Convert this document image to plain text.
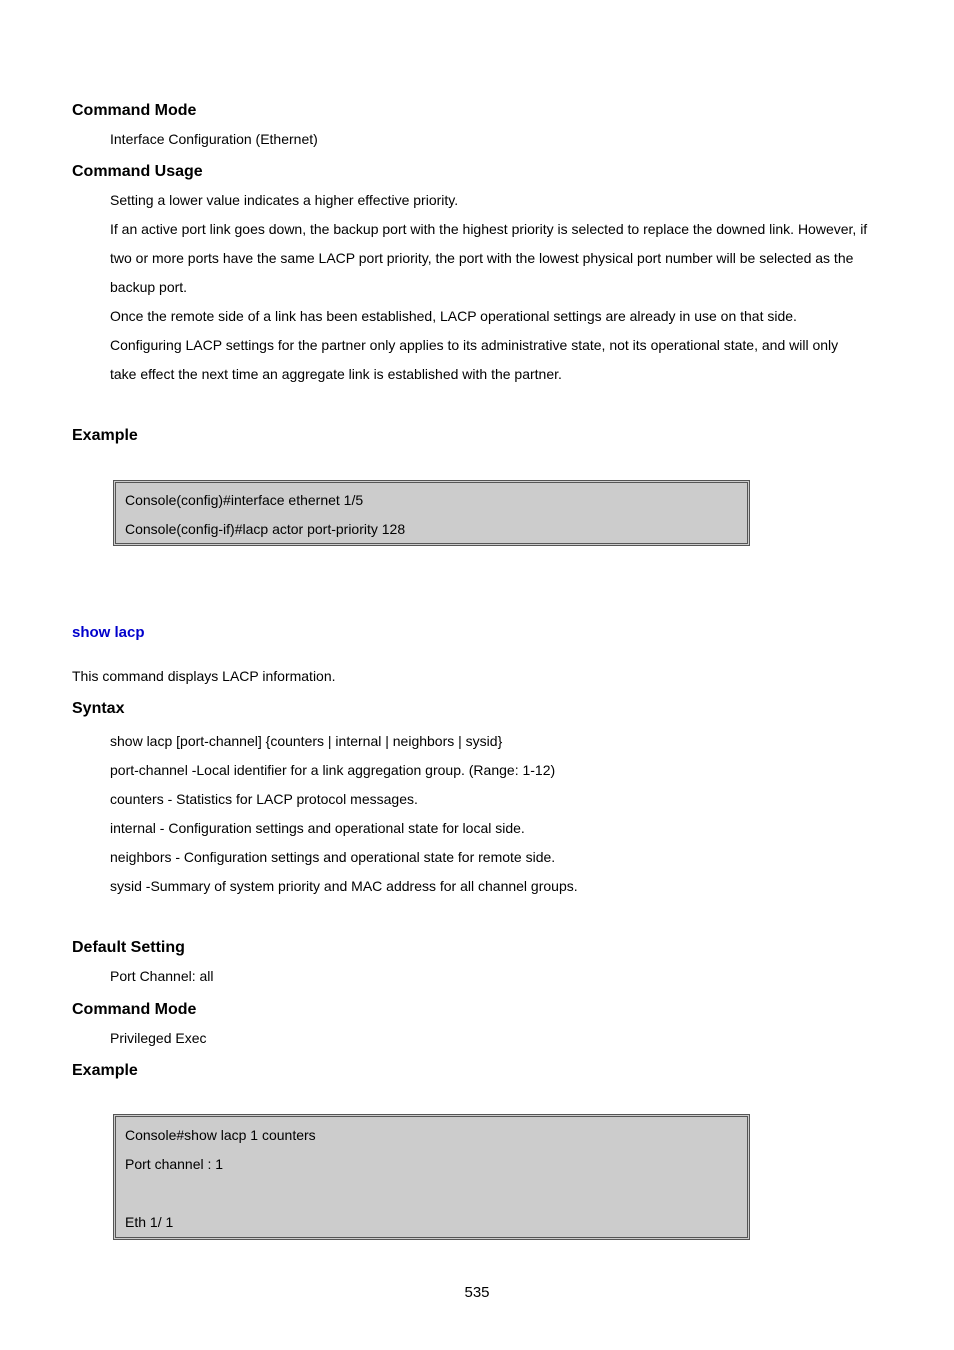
Command Mode
Interface Configuration (Ethernet)
Command Usage
Setting a lower value indicates a higher effective priority.
If an active port link goes down, the backup port with the highest priority is selected to replace the downed link. However, if
two or more ports have the same LACP port priority, the port with the lowest physical port number will be selected as the
backup port.
Once the remote side of a link has been established, LACP operational settings are already in use on that side.
Configuring LACP settings for the partner only applies to its administrative state, not its operational state, and will only
take effect the next time an aggregate link is established with the partner.
Example
Console(config)#interface ethernet 1/5
Console(config-if)#lacp actor port-priority 128
show lacp
This command displays LACP information.
Syntax
show lacp [port-channel] {counters | internal | neighbors | sysid}
port-channel -Local identifier for a link aggregation group. (Range: 1-12)
counters - Statistics for LACP protocol messages.
internal - Configuration settings and operational state for local side.
neighbors - Configuration settings and operational state for remote side.
sysid -Summary of system priority and MAC address for all channel groups.
Default Setting
Port Channel: all
Command Mode
Privileged Exec
Example
Console#show lacp 1 counters
Port channel : 1
Eth 1/ 1
535
